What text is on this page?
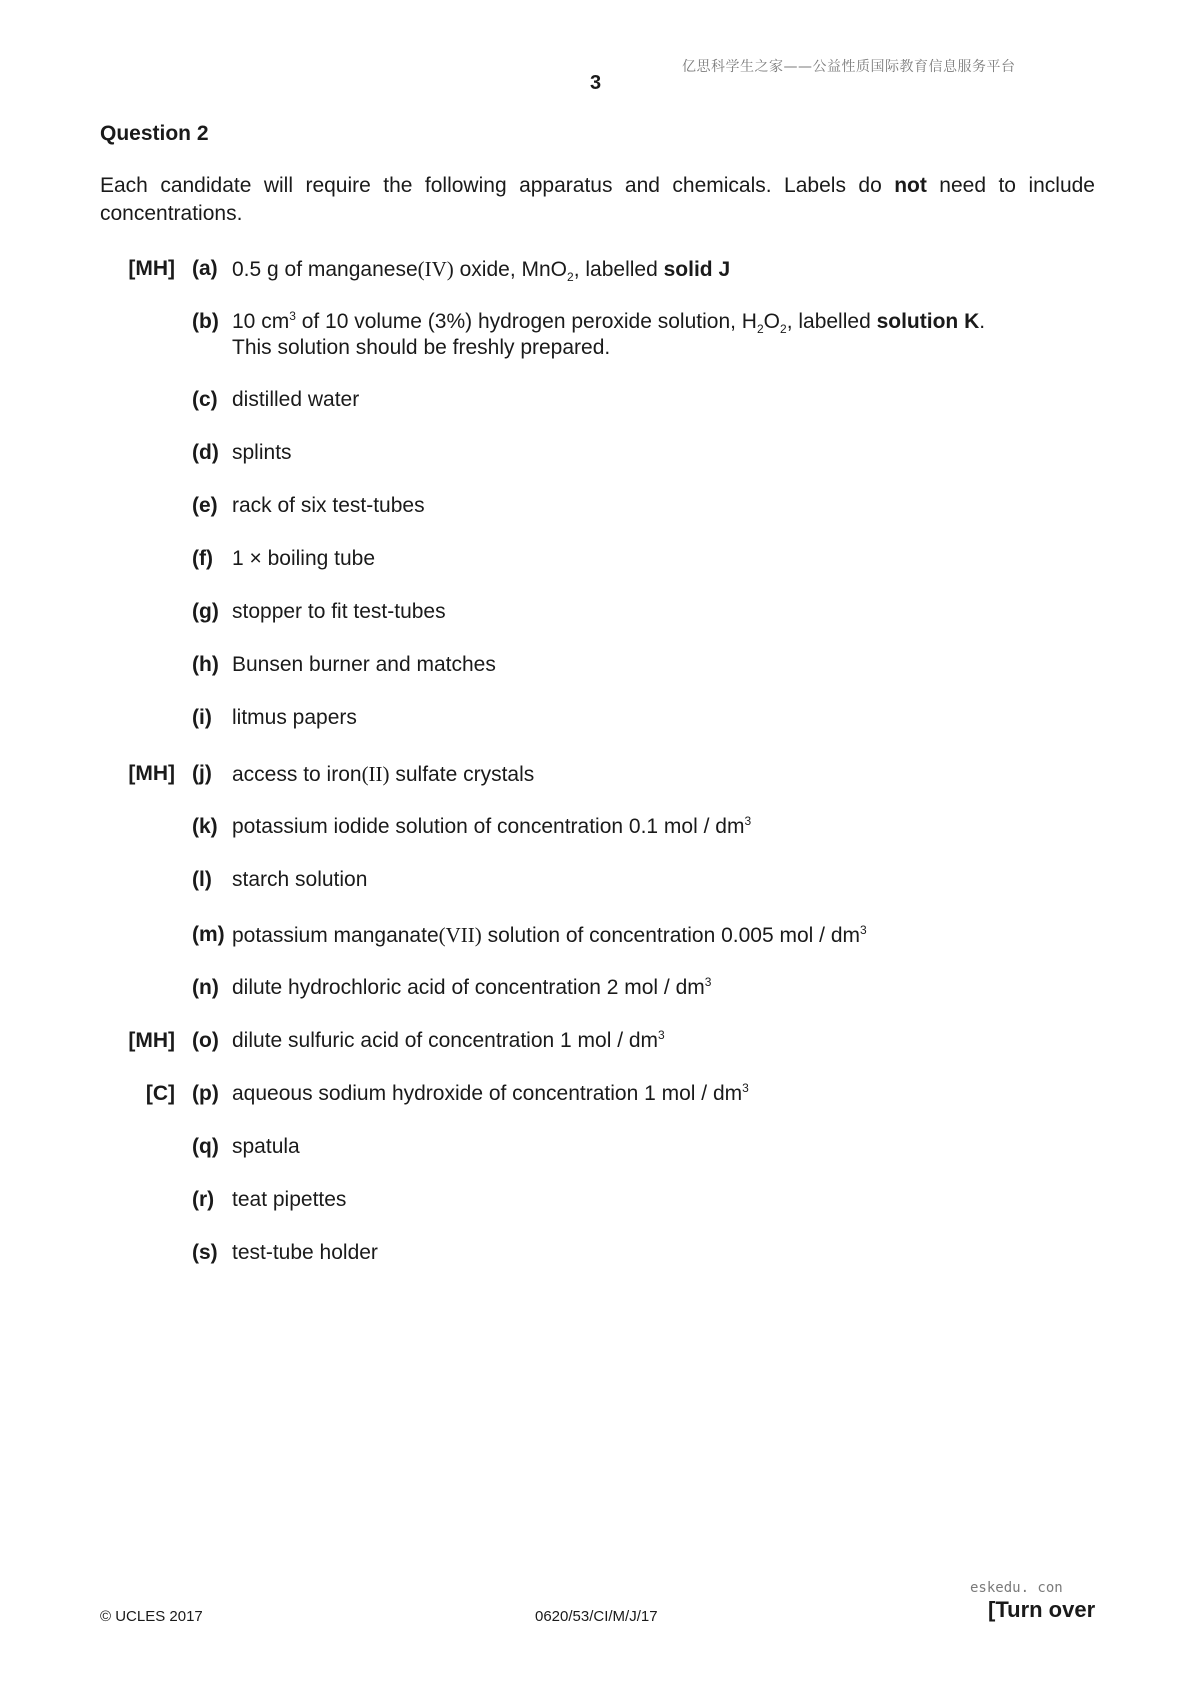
亿思科学生之家——公益性质国际教育信息服务平台
3
Question 2
Each candidate will require the following apparatus and chemicals. Labels do not need to include concentrations.
[MH] (a) 0.5 g of manganese(IV) oxide, MnO$_2$, labelled solid J
(b) 10 $cm^3$ of 10 volume (3%) hydrogen peroxide solution, $H_2O_2$, labelled solution K.
This solution should be freshly prepared.
(c) distilled water
(d) splints
(e) rack of six test-tubes
(f) 1 × boiling tube
(g) stopper to fit test-tubes
(h) Bunsen burner and matches
(i) litmus papers
[MH] (j) access to iron(II) sulfate crystals
(k) potassium iodide solution of concentration 0.1 mol / $dm^3$
(l) starch solution
(m) potassium manganate(VII) solution of concentration 0.005 mol / $dm^3$
(n) dilute hydrochloric acid of concentration 2 mol / $dm^3$
[MH] (o) dilute sulfuric acid of concentration 1 mol / $dm^3$
[C] (p) aqueous sodium hydroxide of concentration 1 mol / $dm^3$
(q) spatula
(r) teat pipettes
(s) test-tube holder
© UCLES 2017	0620/53/CI/M/J/17
eskedu. con
[Turn over
